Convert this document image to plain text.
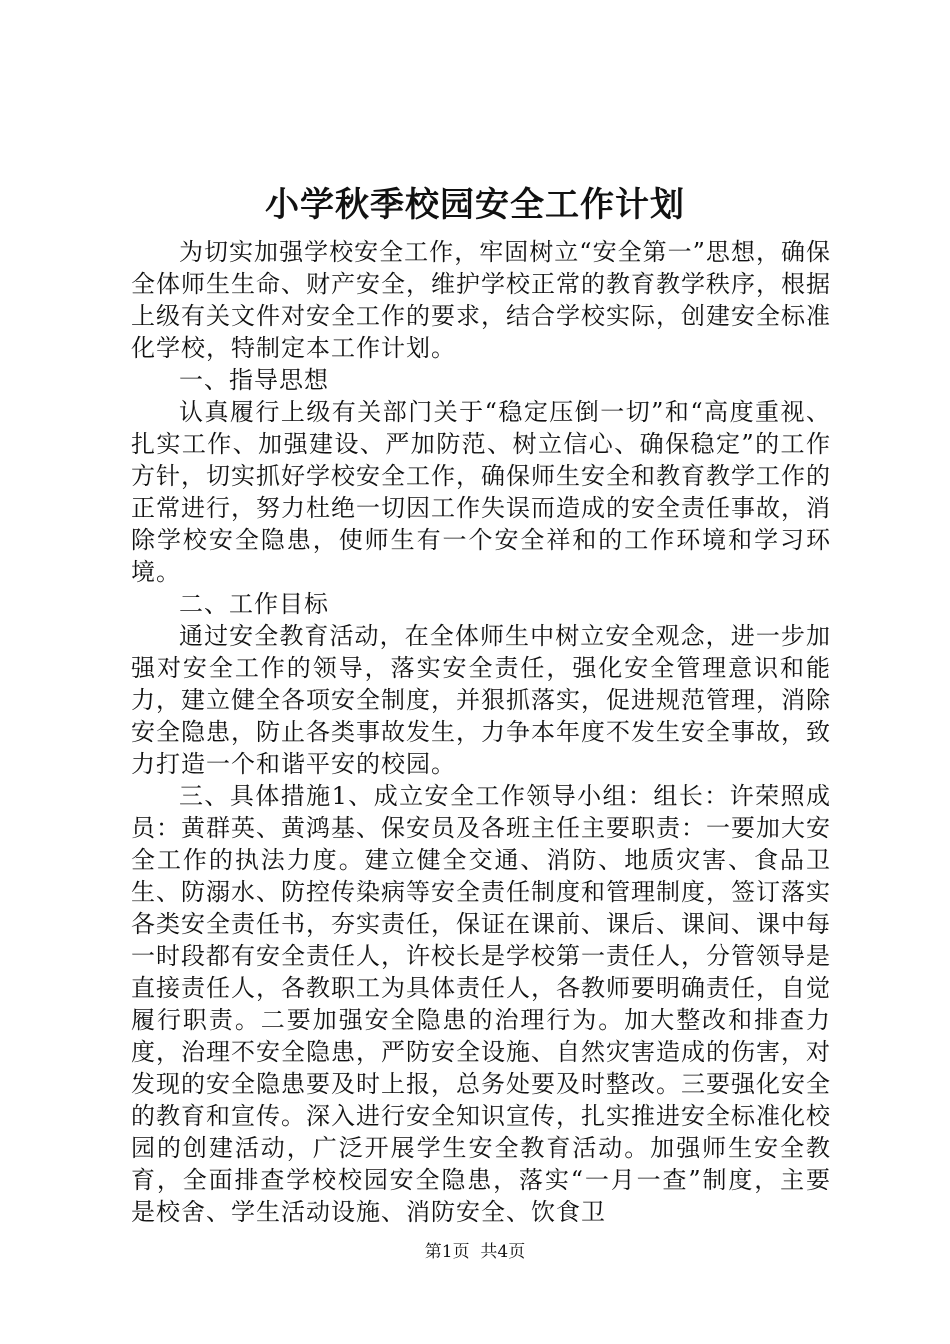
小学秋季校园安全工作计划

为切实加强学校安全工作，牢固树立“安全第一”思想，确保全体师生生命、财产安全，维护学校正常的教育教学秩序，根据上级有关文件对安全工作的要求，结合学校实际，创建安全标准化学校，特制定本工作计划。

一、指导思想

认真履行上级有关部门关于“稳定压倒一切”和“高度重视、扎实工作、加强建设、严加防范、树立信心、确保稳定”的工作方针，切实抓好学校安全工作，确保师生安全和教育教学工作的正常进行，努力杜绝一切因工作失误而造成的安全责任事故，消除学校安全隐患，使师生有一个安全祥和的工作环境和学习环境。

二、工作目标

通过安全教育活动，在全体师生中树立安全观念，进一步加强对安全工作的领导，落实安全责任，强化安全管理意识和能力，建立健全各项安全制度，并狠抓落实，促进规范管理，消除安全隐患，防止各类事故发生，力争本年度不发生安全事故，致力打造一个和谐平安的校园。

三、具体措施1、成立安全工作领导小组：组长：许荣照成员：黄群英、黄鸿基、保安员及各班主任主要职责：一要加大安全工作的执法力度。建立健全交通、消防、地质灾害、食品卫生、防溺水、防控传染病等安全责任制度和管理制度，签订落实各类安全责任书，夯实责任，保证在课前、课后、课间、课中每一时段都有安全责任人，许校长是学校第一责任人，分管领导是直接责任人，各教职工为具体责任人，各教师要明确责任，自觉履行职责。二要加强安全隐患的治理行为。加大整改和排查力度，治理不安全隐患，严防安全设施、自然灾害造成的伤害，对发现的安全隐患要及时上报，总务处要及时整改。三要强化安全的教育和宣传。深入进行安全知识宣传，扎实推进安全标准化校园的创建活动，广泛开展学生安全教育活动。加强师生安全教育，全面排查学校校园安全隐患，落实“一月一查”制度，主要是校舍、学生活动设施、消防安全、饮食卫

第1页 共4页
